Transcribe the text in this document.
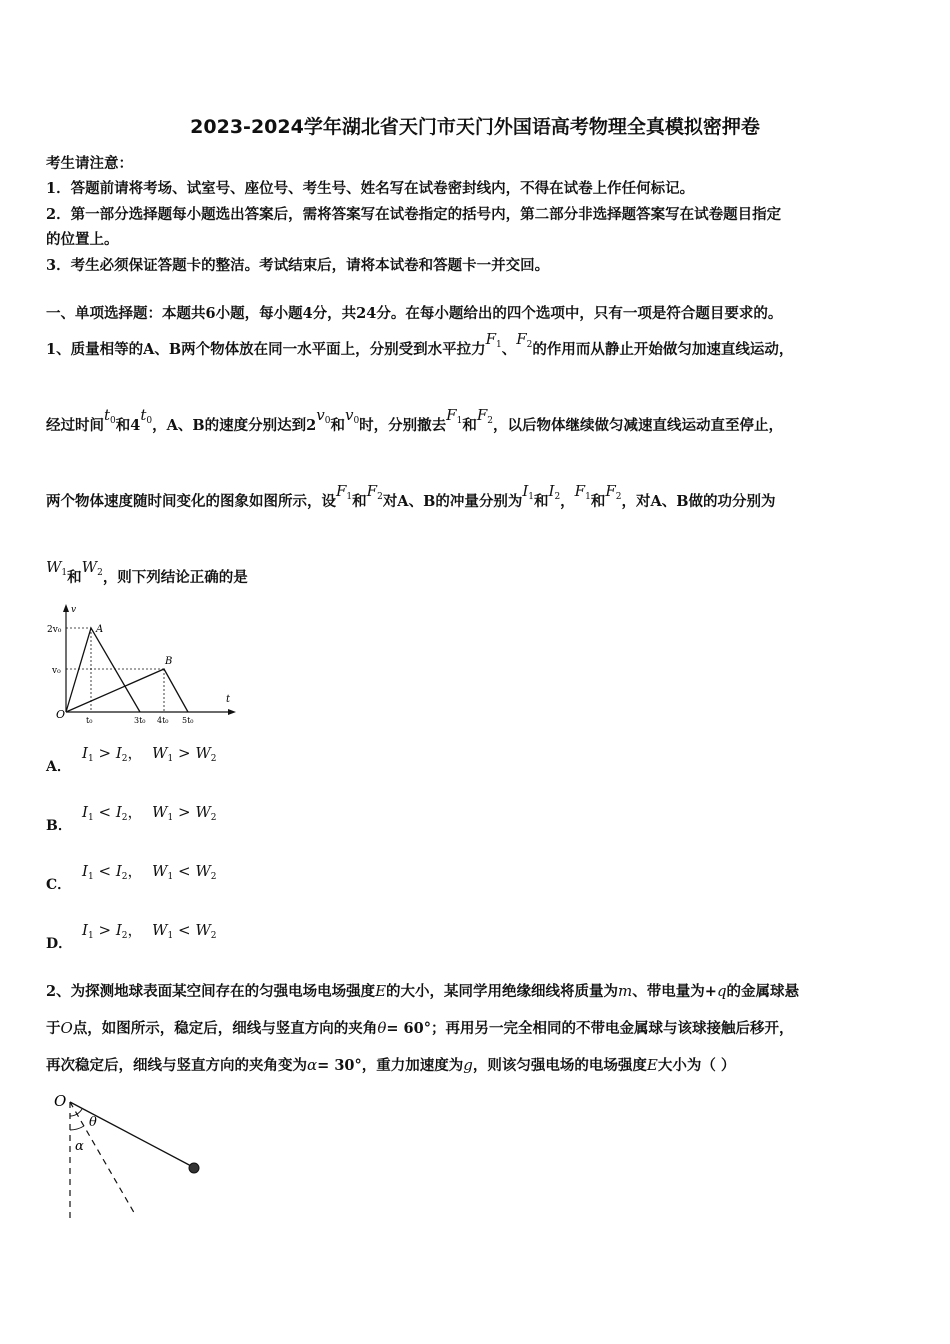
2023-2024学年湖北省天门市天门外国语高考物理全真模拟密押卷
考生请注意：
1．答题前请将考场、试室号、座位号、考生号、姓名写在试卷密封线内，不得在试卷上作任何标记。
2．第一部分选择题每小题选出答案后，需将答案写在试卷指定的括号内，第二部分非选择题答案写在试卷题目指定
的位置上。
3．考生必须保证答题卡的整洁。考试结束后，请将本试卷和答题卡一并交回。
一、单项选择题：本题共6小题，每小题4分，共24分。在每小题给出的四个选项中，只有一项是符合题目要求的。
1、质量相等的A、B两个物体放在同一水平面上，分别受到水平拉力$F_1$、$F_2$的作用而从静止开始做匀加速直线运动，
经过时间$t_0$和$4t_0$，A、B的速度分别达到$2v_0$和$v_0$时，分别撤去$F_1$和$F_2$，以后物体继续做匀减速直线运动直至停止，
两个物体速度随时间变化的图象如图所示，设$F_1$和$F_2$对A、B的冲量分别为$I_1$和$I_2$，$F_1$和$F_2$，对A、B做的功分别为
$W_1$和$W_2$，则下列结论正确的是
v
t
2v₀
v₀
A
B
O	t₀	3t₀ 4t₀ 5t₀
A．
$I_1 > I_2$， $W_1 > W_2$
B．
$I_1 < I_2$， $W_1 > W_2$
C．
$I_1 < I_2$， $W_1 < W_2$
D．
$I_1 > I_2$， $W_1 < W_2$
2、为探测地球表面某空间存在的匀强电场电场强度E的大小，某同学用绝缘细线将质量为m、带电量为+q的金属球悬
于O点，如图所示，稳定后，细线与竖直方向的夹角θ= 60°；再用另一完全相同的不带电金属球与该球接触后移开，
再次稳定后，细线与竖直方向的夹角变为α= 30°，重力加速度为g，则该匀强电场的电场强度E大小为（ ）
O
θ
α
